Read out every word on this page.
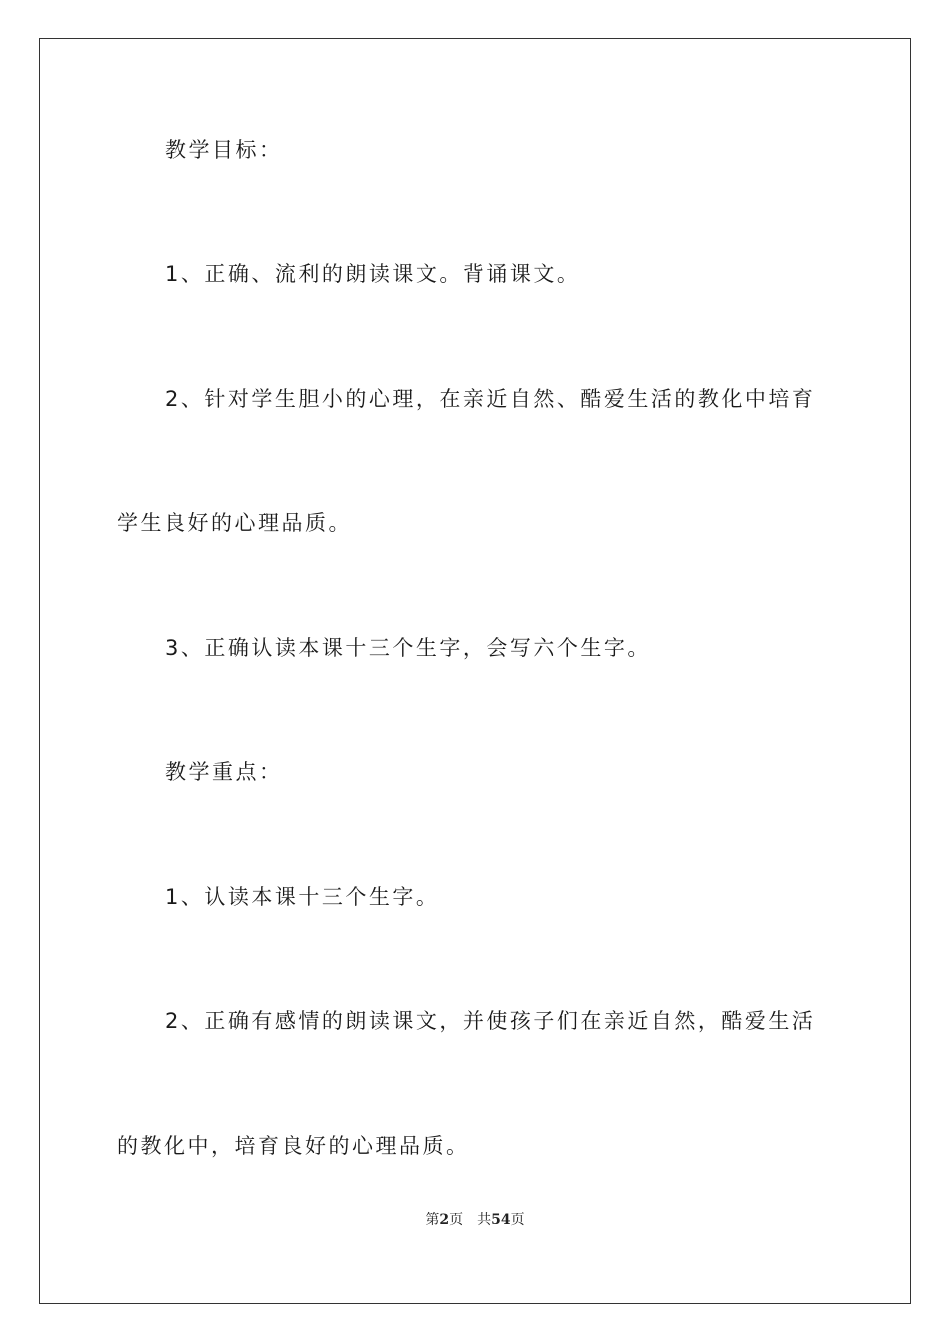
教学目标：

1、正确、流利的朗读课文。背诵课文。

2、针对学生胆小的心理，在亲近自然、酷爱生活的教化中培育

学生良好的心理品质。

3、正确认读本课十三个生字，会写六个生字。

教学重点：

1、认读本课十三个生字。

2、正确有感情的朗读课文，并使孩子们在亲近自然，酷爱生活

的教化中，培育良好的心理品质。

第2页 共54页
